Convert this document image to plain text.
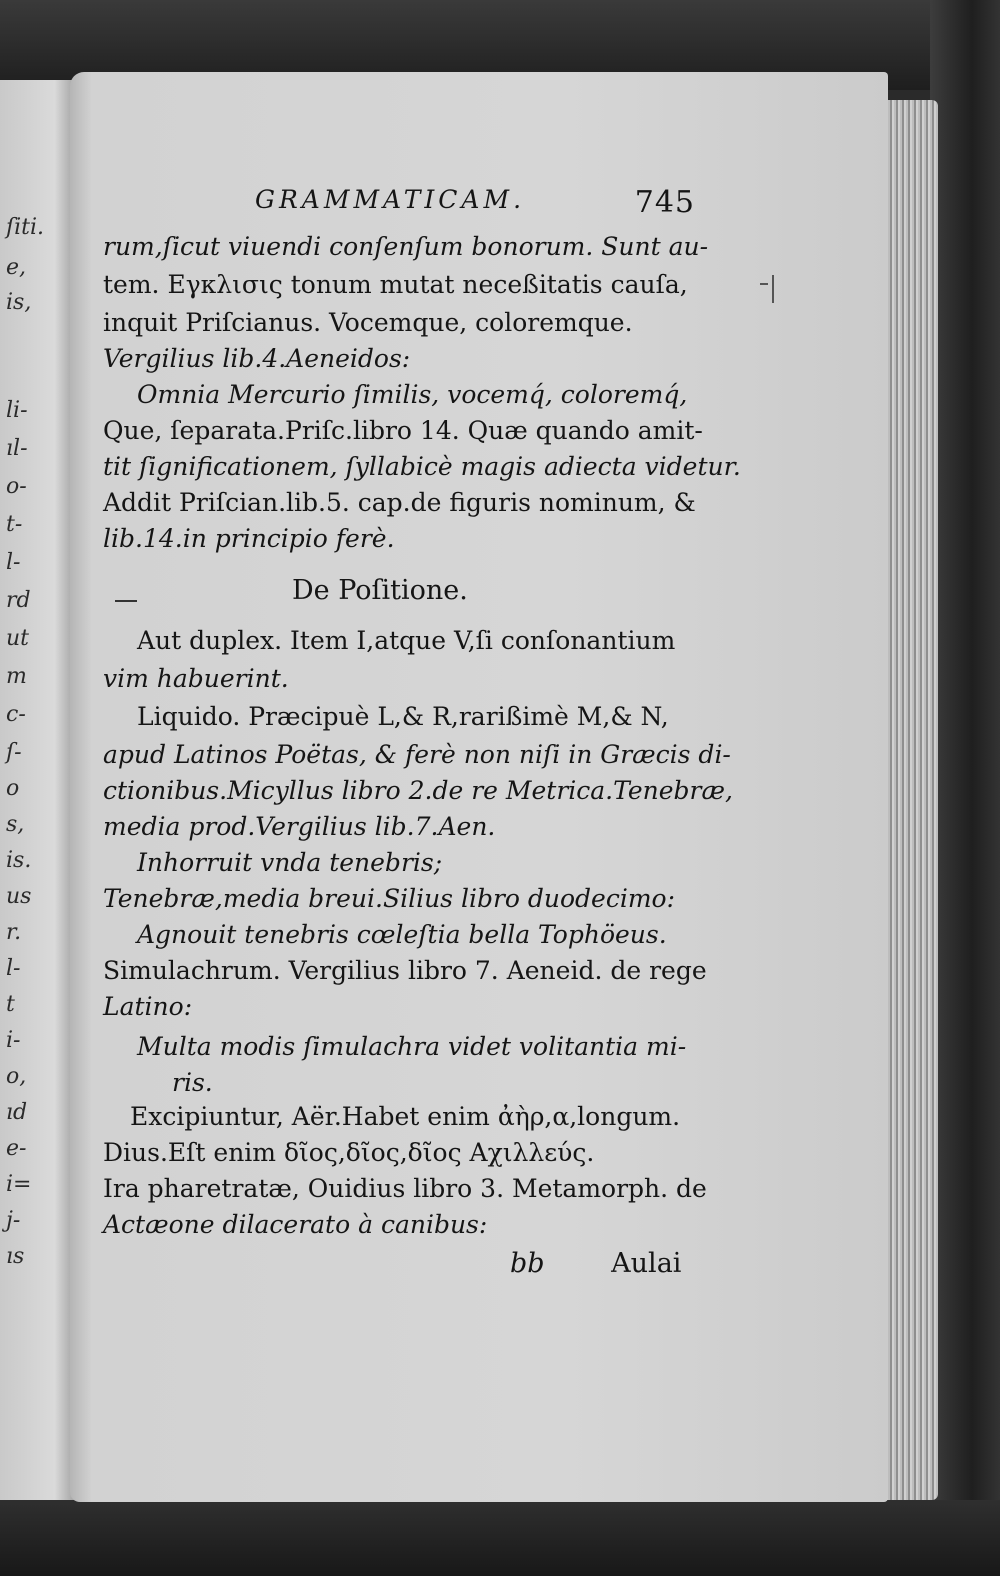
ſiti.
e,
is,
li-
ıl-
o-
t-
l-
rd
ut
m
c-
ſ-
o
s,
is.
us
r.
l-
t
i-
o,
ıd
e-
i=
j-
ıs
GRAMMATICAM.	745
rum,ſicut viuendi conſenſum bonorum. Sunt au-
tem. Εγκλισις tonum mutat neceßitatis cauſa,
inquit Priſcianus. Vocemque, coloremque.
Vergilius lib.4.Aeneidos:
Omnia Mercurio ſimilis, vocemq́, coloremq́,
Que, ſeparata.Priſc.libro 14. Quæ quando amit-
tit ſignificationem, ſyllabicè magis adiecta videtur.
Addit Priſcian.lib.5. cap.de figuris nominum, &
lib.14.in principio ferè.
De Poſitione.
Aut duplex. Item I,atque V,ſi conſonantium
vim habuerint.
Liquido. Præcipuè L,& R,rarißimè M,& N,
apud Latinos Poëtas, & ferè non niſi in Græcis di-
ctionibus.Micyllus libro 2.de re Metrica.Tenebræ,
media prod.Vergilius lib.7.Aen.
Inhorruit vnda tenebris;
Tenebræ,media breui.Silius libro duodecimo:
Agnouit tenebris cœleſtia bella Tophöeus.
Simulachrum. Vergilius libro 7. Aeneid. de rege
Latino:
Multa modis ſimulachra videt volitantia mi-
ris.
Excipiuntur, Aër.Habet enim ἀὴρ,α,longum.
Dius.Eſt enim δῖος,δῖος,δῖος Αχιλλεύς.
Ira pharetratæ, Ouidius libro 3. Metamorph. de
Actæone dilacerato à canibus:
bb Aulai
